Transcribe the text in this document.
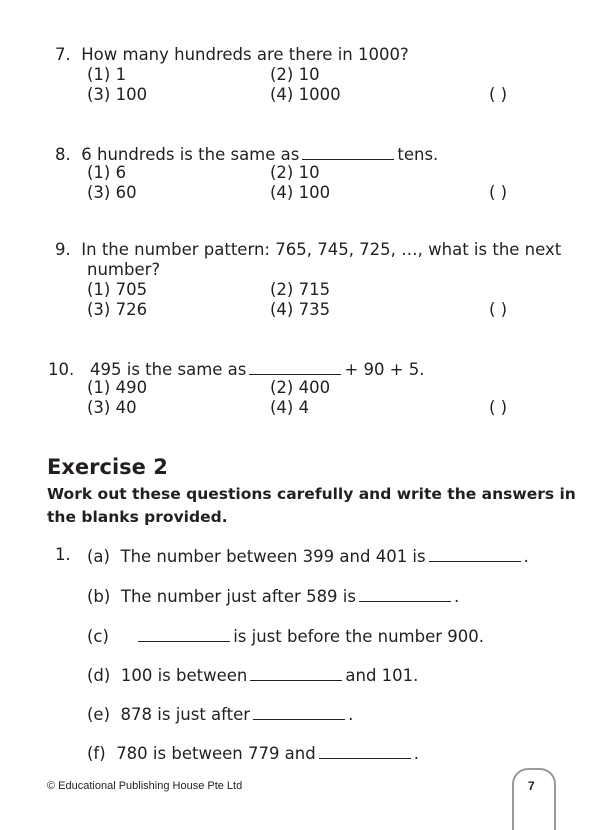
7. How many hundreds are there in 1000?
(1) 1	(2) 10
(3) 100	(4) 1000	( )
8. 6 hundreds is the same as	tens.
(1) 6	(2) 10
(3) 60	(4) 100	( )
9. In the number pattern: 765, 745, 725, …, what is the next
number?
(1) 705	(2) 715
(3) 726	(4) 735	( )
10. 495 is the same as	+ 90 + 5.
(1) 490	(2) 400
(3) 40	(4) 4	( )
Exercise 2
Work out these questions carefully and write the answers in
the blanks provided.
1. (a) The number between 399 and 401 is	.
(b) The number just after 589 is	.
(c)	is just before the number 900.
(d) 100 is between	and 101.
(e) 878 is just after	.
(f) 780 is between 779 and	.
© Educational Publishing House Pte Ltd	7
